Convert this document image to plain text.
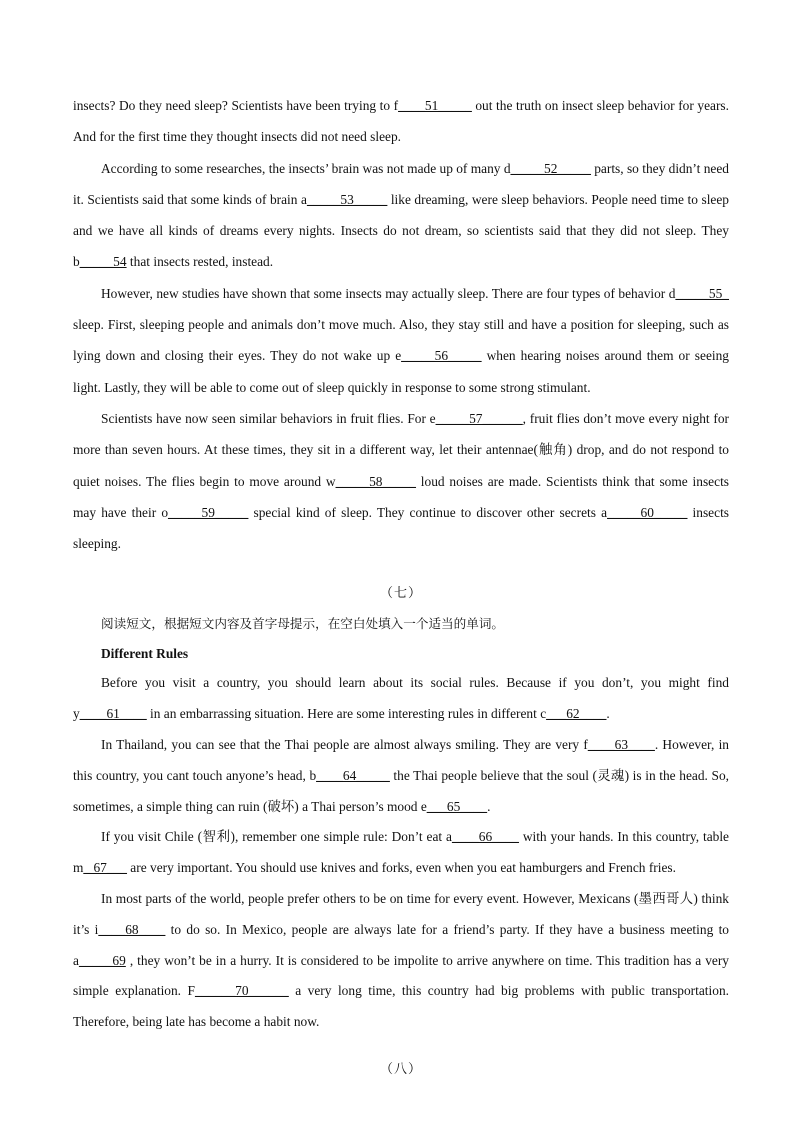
insects? Do they need sleep? Scientists have been trying to f____51_____ out the truth on insect sleep behavior for years. And for the first time they thought insects did not need sleep.

According to some researches, the insects’ brain was not made up of many d_____52_____ parts, so they didn’t need it. Scientists said that some kinds of brain a_____53_____ like dreaming, were sleep behaviors. People need time to sleep and we have all kinds of dreams every nights. Insects do not dream, so scientists said that they did not sleep. They b_____54 that insects rested, instead.

However, new studies have shown that some insects may actually sleep. There are four types of behavior d_____55_ sleep. First, sleeping people and animals don’t move much. Also, they stay still and have a position for sleeping, such as lying down and closing their eyes. They do not wake up e_____56_____ when hearing noises around them or seeing light. Lastly, they will be able to come out of sleep quickly in response to some strong stimulant.

Scientists have now seen similar behaviors in fruit flies. For e_____57______, fruit flies don’t move every night for more than seven hours. At these times, they sit in a different way, let their antennae(触角) drop, and do not respond to quiet noises. The flies begin to move around w_____58_____ loud noises are made. Scientists think that some insects may have their o_____59_____ special kind of sleep. They continue to discover other secrets a_____60_____ insects sleeping.

（七）

阅读短文，根据短文内容及首字母提示，在空白处填入一个适当的单词。

Different Rules

Before you visit a country, you should learn about its social rules. Because if you don’t, you might find y____61____ in an embarrassing situation. Here are some interesting rules in different c___62____.

In Thailand, you can see that the Thai people are almost always smiling. They are very f____63____. However, in this country, you cant touch anyone’s head, b____64_____ the Thai people believe that the soul (灵魂) is in the head. So, sometimes, a simple thing can ruin (破坏) a Thai person’s mood e___65____.

If you visit Chile (智利), remember one simple rule: Don’t eat a____66____ with your hands. In this country, table m_ 67___ are very important. You should use knives and forks, even when you eat hamburgers and French fries.

In most parts of the world, people prefer others to be on time for every event. However, Mexicans (墨西哥人) think it’s i____68____ to do so. In Mexico, people are always late for a friend’s party. If they have a business meeting to a_____69 , they won’t be in a hurry. It is considered to be impolite to arrive anywhere on time. This tradition has a very simple explanation. F______70______ a very long time, this country had big problems with public transportation. Therefore, being late has become a habit now.

（八）
